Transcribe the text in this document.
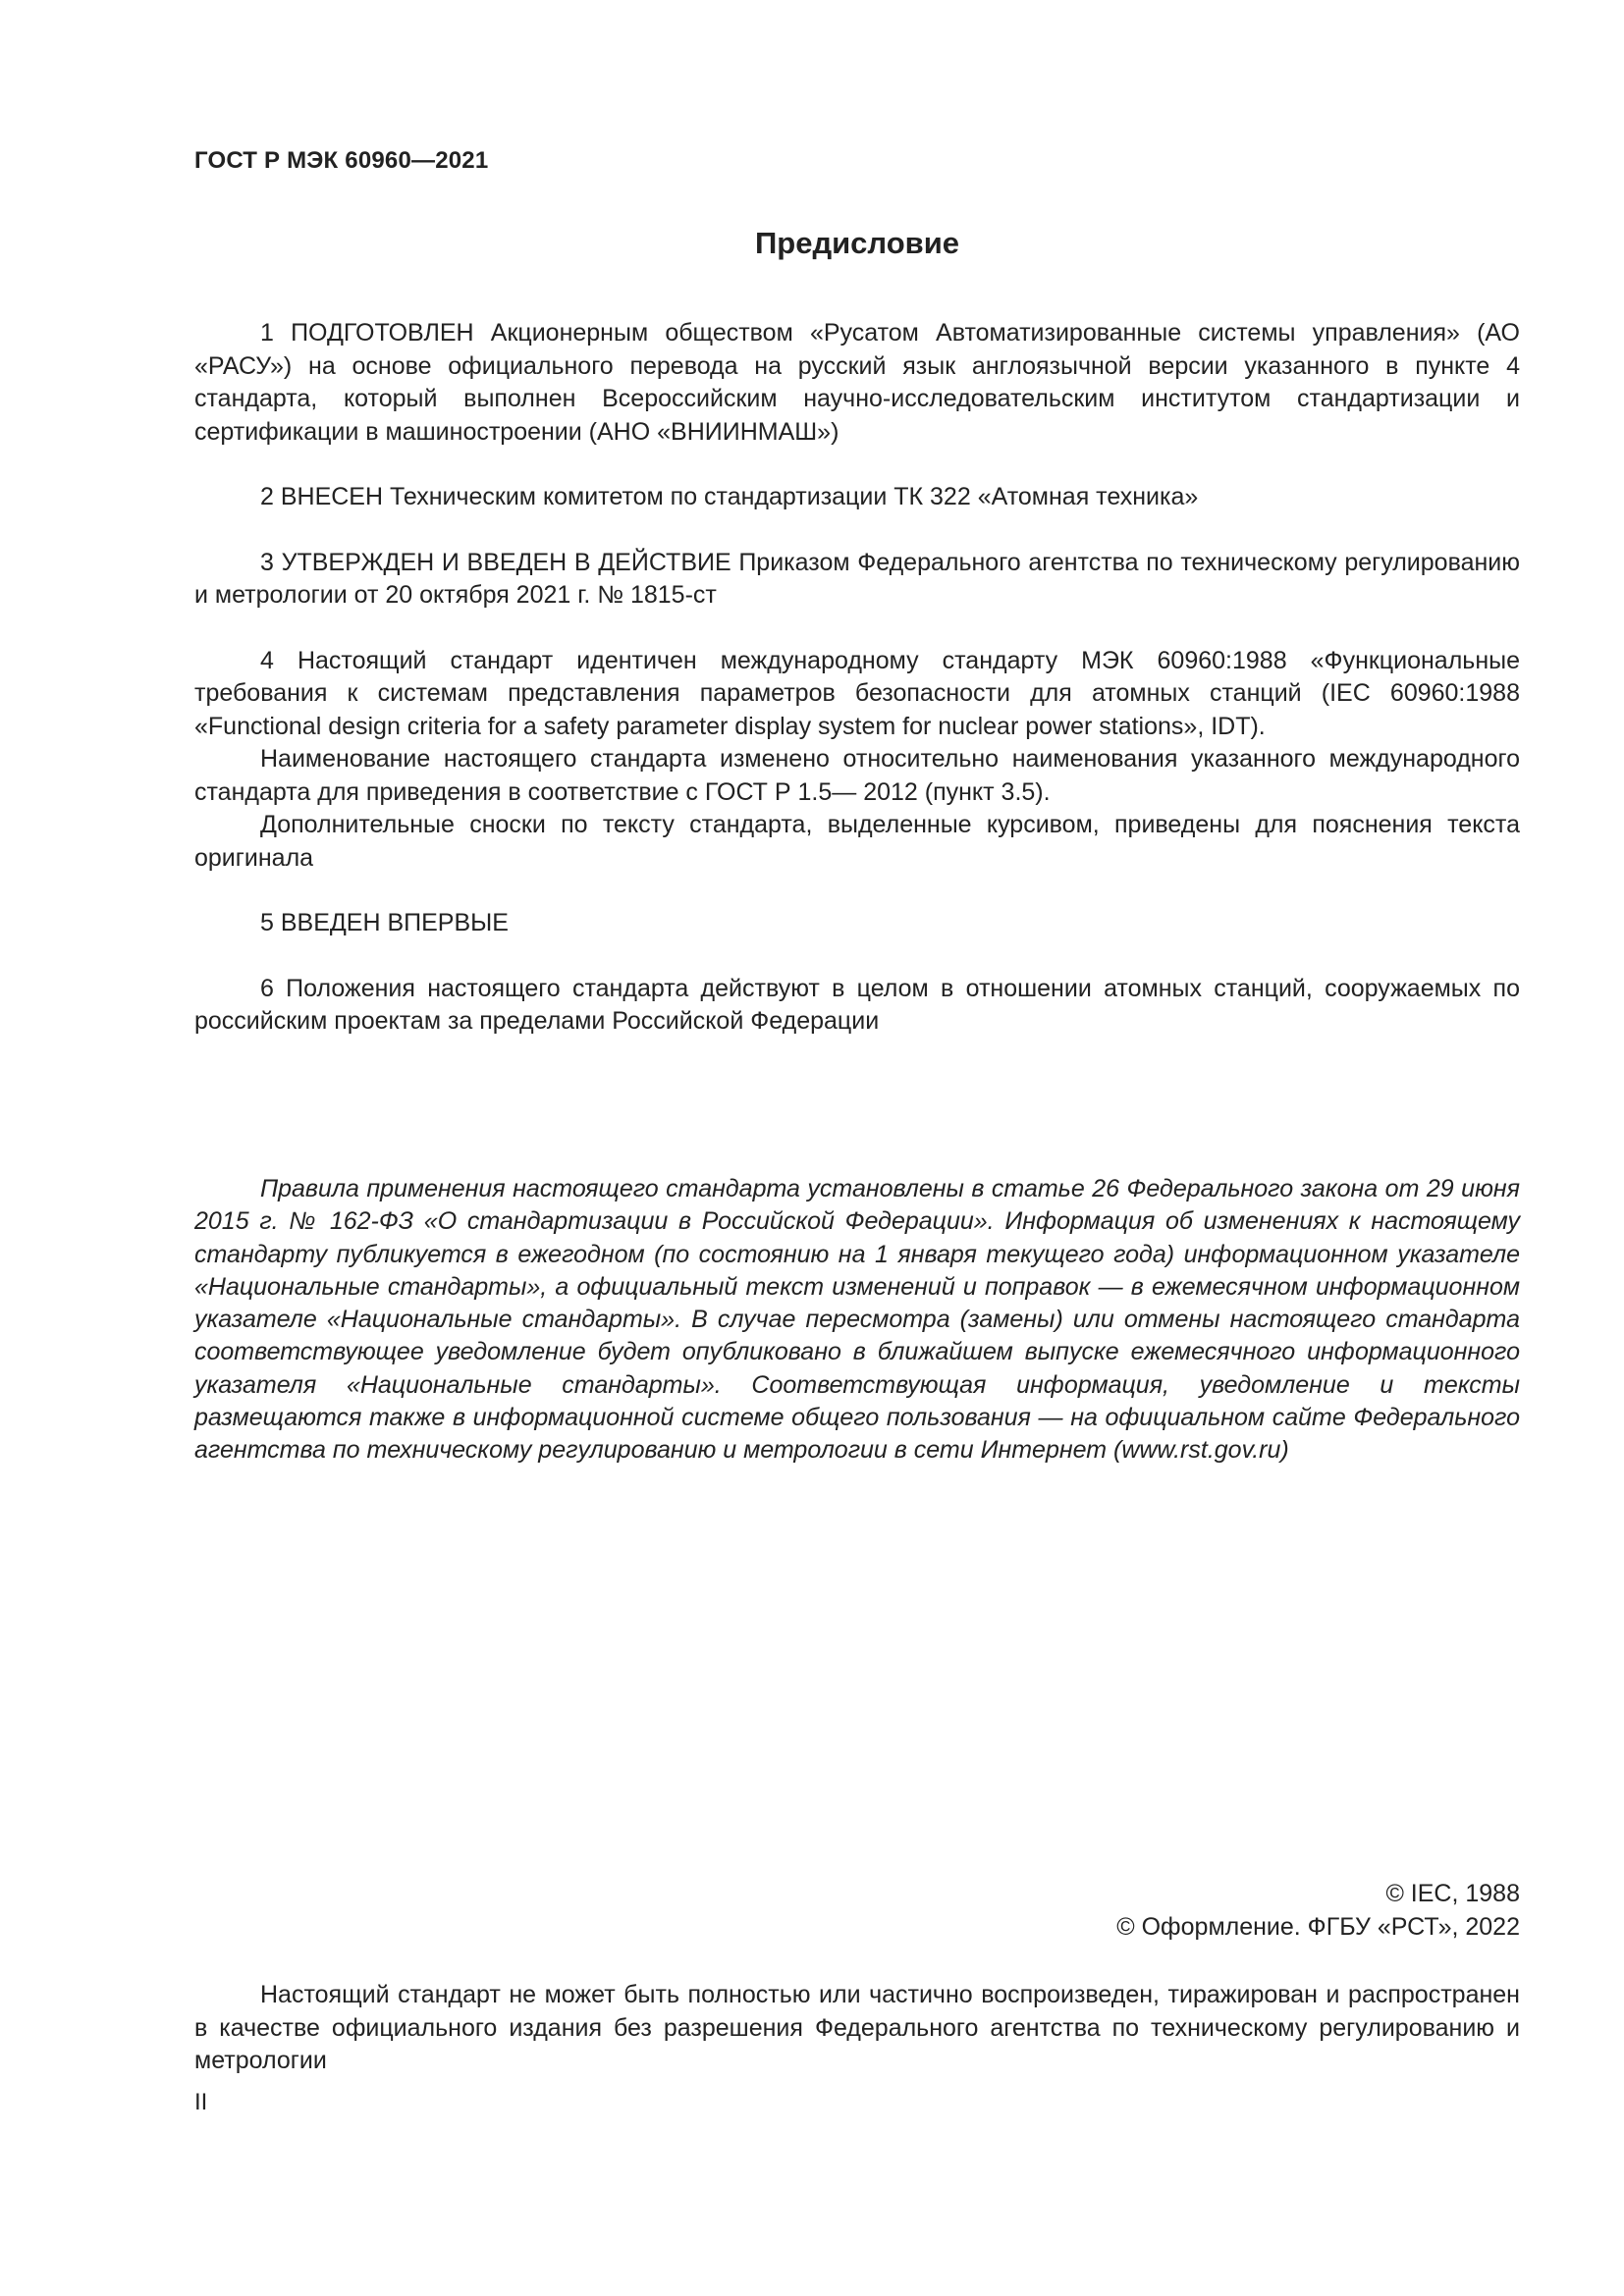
ГОСТ Р МЭК 60960—2021
Предисловие

1 ПОДГОТОВЛЕН Акционерным обществом «Русатом Автоматизированные системы управления» (АО «РАСУ») на основе официального перевода на русский язык англоязычной версии указанного в пункте 4 стандарта, который выполнен Всероссийским научно-исследовательским институтом стандартизации и сертификации в машиностроении (АНО «ВНИИНМАШ»)

2 ВНЕСЕН Техническим комитетом по стандартизации ТК 322 «Атомная техника»

3 УТВЕРЖДЕН И ВВЕДЕН В ДЕЙСТВИЕ Приказом Федерального агентства по техническому регулированию и метрологии от 20 октября 2021 г. № 1815-ст

4 Настоящий стандарт идентичен международному стандарту МЭК 60960:1988 «Функциональные требования к системам представления параметров безопасности для атомных станций (IEC 60960:1988 «Functional design criteria for a safety parameter display system for nuclear power stations», IDT).

Наименование настоящего стандарта изменено относительно наименования указанного международного стандарта для приведения в соответствие с ГОСТ Р 1.5— 2012 (пункт 3.5).

Дополнительные сноски по тексту стандарта, выделенные курсивом, приведены для пояснения текста оригинала

5 ВВЕДЕН ВПЕРВЫЕ

6 Положения настоящего стандарта действуют в целом в отношении атомных станций, сооружаемых по российским проектам за пределами Российской Федерации

Правила применения настоящего стандарта установлены в статье 26 Федерального закона от 29 июня 2015 г. № 162-ФЗ «О стандартизации в Российской Федерации». Информация об изменениях к настоящему стандарту публикуется в ежегодном (по состоянию на 1 января текущего года) информационном указателе «Национальные стандарты», а официальный текст изменений и поправок — в ежемесячном информационном указателе «Национальные стандарты». В случае пересмотра (замены) или отмены настоящего стандарта соответствующее уведомление будет опубликовано в ближайшем выпуске ежемесячного информационного указателя «Национальные стандарты». Соответствующая информация, уведомление и тексты размещаются также в информационной системе общего пользования — на официальном сайте Федерального агентства по техническому регулированию и метрологии в сети Интернет (www.rst.gov.ru)

© IEC, 1988
© Оформление. ФГБУ «РСТ», 2022

Настоящий стандарт не может быть полностью или частично воспроизведен, тиражирован и распространен в качестве официального издания без разрешения Федерального агентства по техническому регулированию и метрологии

II
